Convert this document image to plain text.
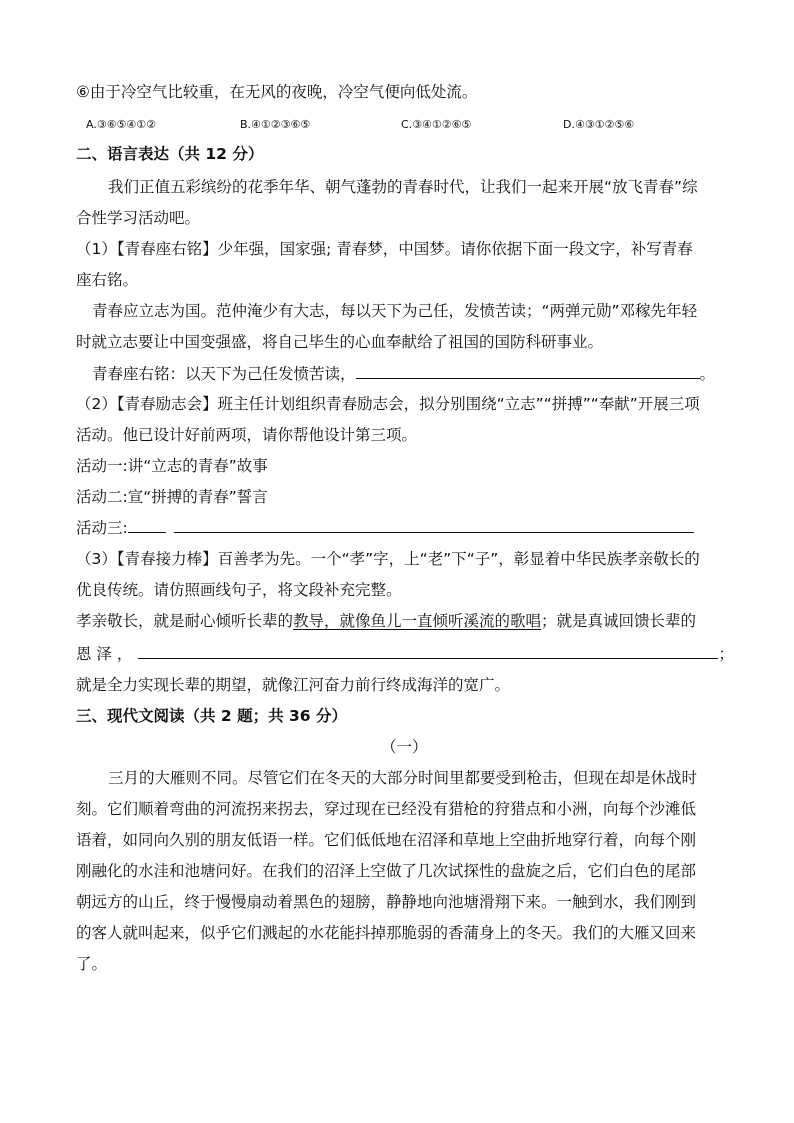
⑥由于冷空气比较重，在无风的夜晚，冷空气便向低处流。
A.③⑥⑤④①②	B.④①②③⑥⑤	C.③④①②⑥⑤	D.④③①②⑤⑥
二、语言表达（共 12 分）
我们正值五彩缤纷的花季年华、朝气蓬勃的青春时代，让我们一起来开展“放飞青春”综
合性学习活动吧。
（1）【青春座右铭】少年强，国家强; 青春梦，中国梦。请你依据下面一段文字，补写青春
座右铭。
青春应立志为国。范仲淹少有大志，每以天下为己任，发愤苦读；“两弹元勋”邓稼先年轻
时就立志要让中国变强盛，将自己毕生的心血奉献给了祖国的国防科研事业。
青春座右铭：以天下为己任发愤苦读，	。
（2）【青春励志会】班主任计划组织青春励志会，拟分别围绕“立志”“拼搏”“奉献”开展三项
活动。他已设计好前两项，请你帮他设计第三项。
活动一:讲“立志的青春”故事
活动二:宣“拼搏的青春”誓言
活动三:
（3）【青春接力棒】百善孝为先。一个“孝”字，上“老”下“子”，彰显着中华民族孝亲敬长的
优良传统。请仿照画线句子，将文段补充完整。
孝亲敬长，就是耐心倾听长辈的教导，就像鱼儿一直倾听溪流的歌唱；就是真诚回馈长辈的
恩 泽 ，	；
就是全力实现长辈的期望，就像江河奋力前行终成海洋的宽广。
三、现代文阅读（共 2 题；共 36 分）
（一）
三月的大雁则不同。尽管它们在冬天的大部分时间里都要受到枪击，但现在却是休战时
刻。它们顺着弯曲的河流拐来拐去，穿过现在已经没有猎枪的狩猎点和小洲，向每个沙滩低
语着，如同向久别的朋友低语一样。它们低低地在沼泽和草地上空曲折地穿行着，向每个刚
刚融化的水洼和池塘问好。在我们的沼泽上空做了几次试探性的盘旋之后，它们白色的尾部
朝远方的山丘，终于慢慢扇动着黑色的翅膀，静静地向池塘滑翔下来。一触到水，我们刚到
的客人就叫起来，似乎它们溅起的水花能抖掉那脆弱的香蒲身上的冬天。我们的大雁又回来
了。
